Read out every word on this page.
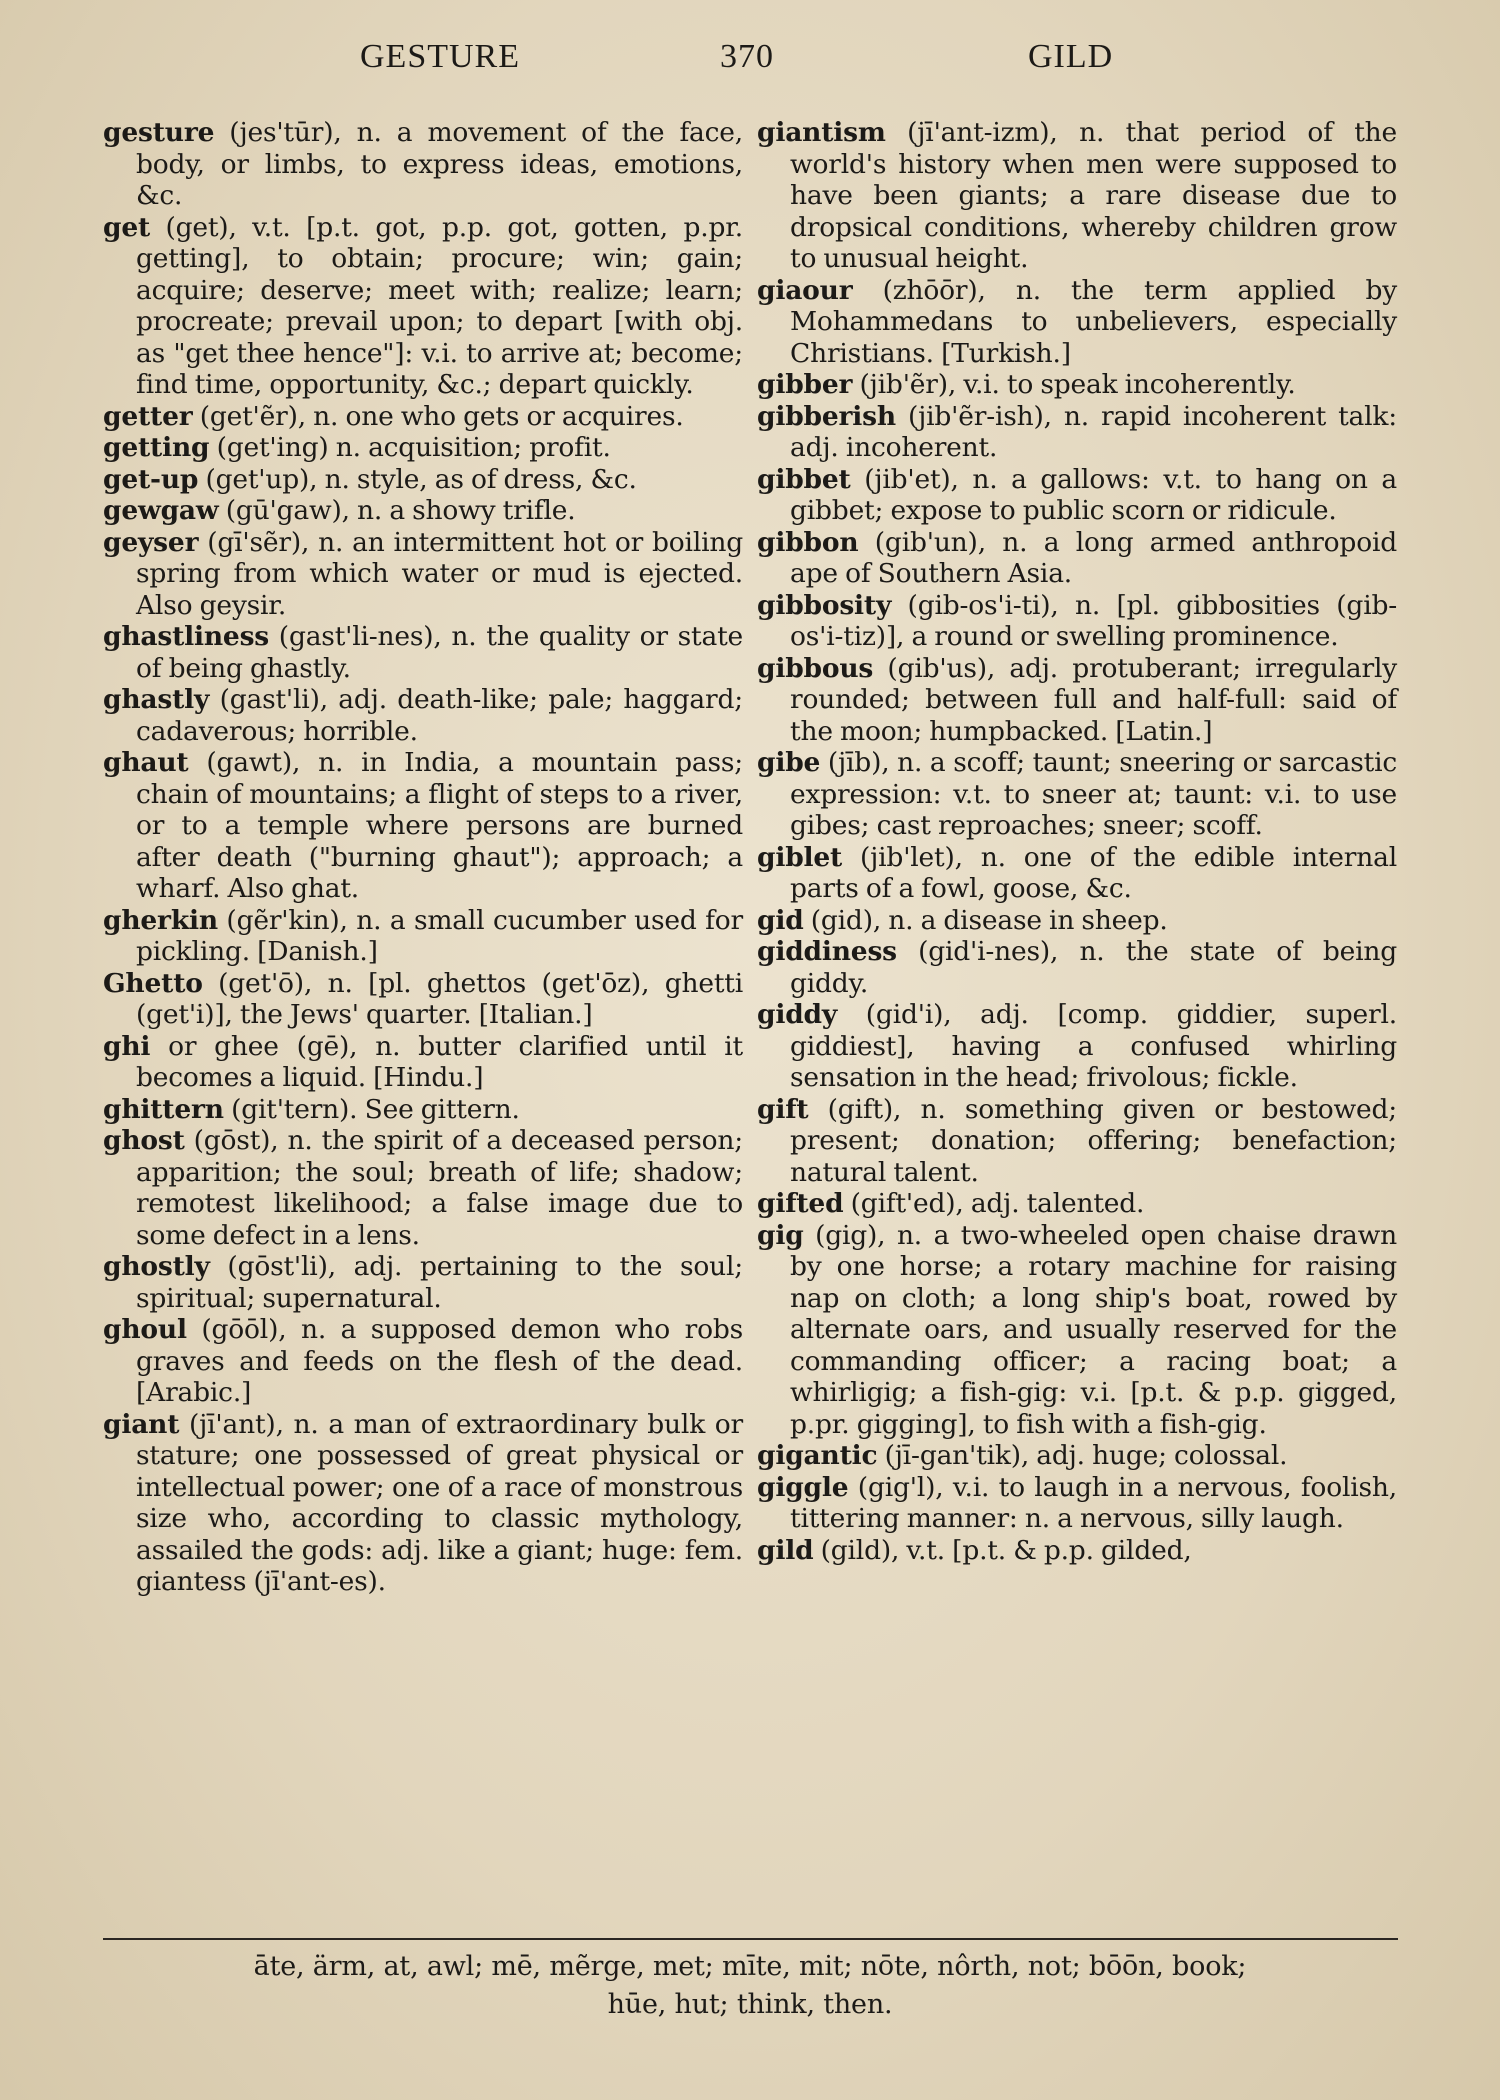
GESTURE	370	GILD

gesture (jes'tūr), n. a movement of the face, body, or limbs, to express ideas, emotions, &c.

get (get), v.t. [p.t. got, p.p. got, gotten, p.pr. getting], to obtain; procure; win; gain; acquire; deserve; meet with; realize; learn; procreate; prevail upon; to depart [with obj. as "get thee hence"]: v.i. to arrive at; become; find time, opportunity, &c.; depart quickly.

getter (get'ẽr), n. one who gets or acquires.

getting (get'ing) n. acquisition; profit.

get-up (get'up), n. style, as of dress, &c.

gewgaw (gū'gaw), n. a showy trifle.

geyser (gī'sẽr), n. an intermittent hot or boiling spring from which water or mud is ejected. Also geysir.

ghastliness (gast'li-nes), n. the quality or state of being ghastly.

ghastly (gast'li), adj. death-like; pale; haggard; cadaverous; horrible.

ghaut (gawt), n. in India, a mountain pass; chain of mountains; a flight of steps to a river, or to a temple where persons are burned after death ("burning ghaut"); approach; a wharf. Also ghat.

gherkin (gẽr'kin), n. a small cucumber used for pickling. [Danish.]

Ghetto (get'ō), n. [pl. ghettos (get'ōz), ghetti (get'i)], the Jews' quarter. [Italian.]

ghi or ghee (gē), n. butter clarified until it becomes a liquid. [Hindu.]

ghittern (git'tern). See gittern.

ghost (gōst), n. the spirit of a deceased person; apparition; the soul; breath of life; shadow; remotest likelihood; a false image due to some defect in a lens.

ghostly (gōst'li), adj. pertaining to the soul; spiritual; supernatural.

ghoul (gōōl), n. a supposed demon who robs graves and feeds on the flesh of the dead. [Arabic.]

giant (jī'ant), n. a man of extraordinary bulk or stature; one possessed of great physical or intellectual power; one of a race of monstrous size who, according to classic mythology, assailed the gods: adj. like a giant; huge: fem. giantess (jī'ant-es).

giantism (jī'ant-izm), n. that period of the world's history when men were supposed to have been giants; a rare disease due to dropsical conditions, whereby children grow to unusual height.

giaour (zhōōr), n. the term applied by Mohammedans to unbelievers, especially Christians. [Turkish.]

gibber (jib'ẽr), v.i. to speak incoherently.

gibberish (jib'ẽr-ish), n. rapid incoherent talk: adj. incoherent.

gibbet (jib'et), n. a gallows: v.t. to hang on a gibbet; expose to public scorn or ridicule.

gibbon (gib'un), n. a long armed anthropoid ape of Southern Asia.

gibbosity (gib-os'i-ti), n. [pl. gibbosities (gib-os'i-tiz)], a round or swelling prominence.

gibbous (gib'us), adj. protuberant; irregularly rounded; between full and half-full: said of the moon; humpbacked. [Latin.]

gibe (jīb), n. a scoff; taunt; sneering or sarcastic expression: v.t. to sneer at; taunt: v.i. to use gibes; cast reproaches; sneer; scoff.

giblet (jib'let), n. one of the edible internal parts of a fowl, goose, &c.

gid (gid), n. a disease in sheep.

giddiness (gid'i-nes), n. the state of being giddy.

giddy (gid'i), adj. [comp. giddier, superl. giddiest], having a confused whirling sensation in the head; frivolous; fickle.

gift (gift), n. something given or bestowed; present; donation; offering; benefaction; natural talent.

gifted (gift'ed), adj. talented.

gig (gig), n. a two-wheeled open chaise drawn by one horse; a rotary machine for raising nap on cloth; a long ship's boat, rowed by alternate oars, and usually reserved for the commanding officer; a racing boat; a whirligig; a fish-gig: v.i. [p.t. & p.p. gigged, p.pr. gigging], to fish with a fish-gig.

gigantic (jī-gan'tik), adj. huge; colossal.

giggle (gig'l), v.i. to laugh in a nervous, foolish, tittering manner: n. a nervous, silly laugh.

gild (gild), v.t. [p.t. & p.p. gilded,

āte, ärm, at, awl; mē, mẽrge, met; mīte, mit; nōte, nôrth, not; bōōn, book;
hūe, hut; think, then.
